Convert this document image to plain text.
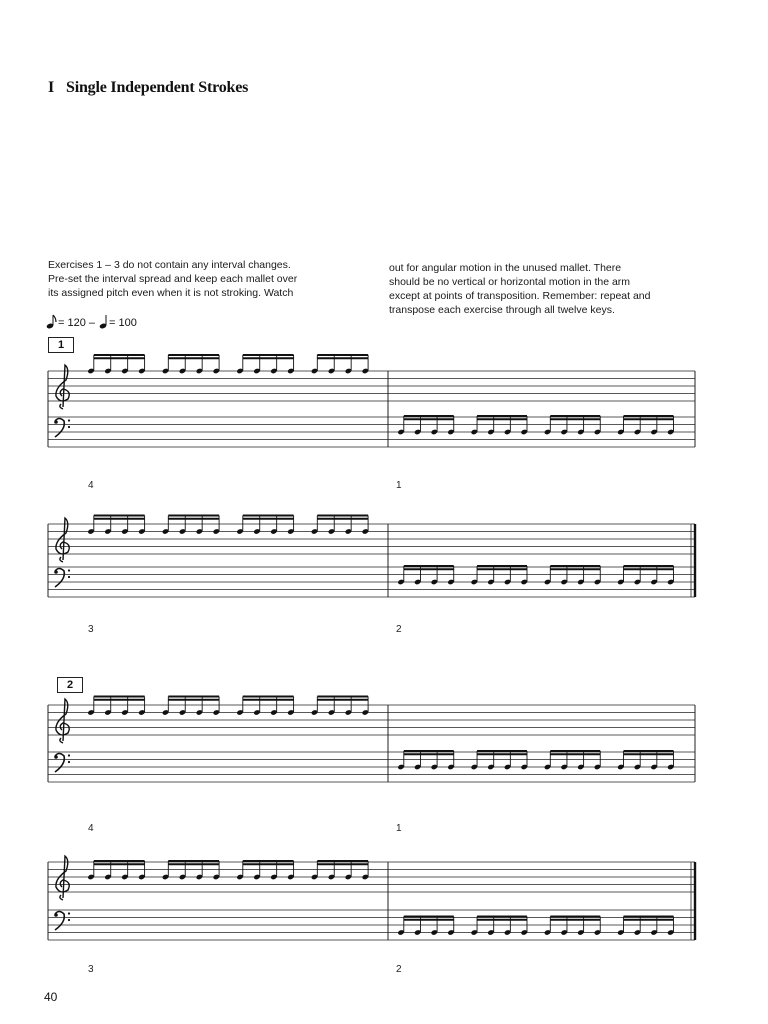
I Single Independent Strokes
Exercises 1 – 3 do not contain any interval changes.
Pre-set the interval spread and keep each mallet over
its assigned pitch even when it is not stroking. Watch
out for angular motion in the unused mallet. There
should be no vertical or horizontal motion in the arm
except at points of transposition. Remember: repeat and
transpose each exercise through all twelve keys.
= 120 – = 100
1
2
4	1
3	2
4	1
3	2
40
